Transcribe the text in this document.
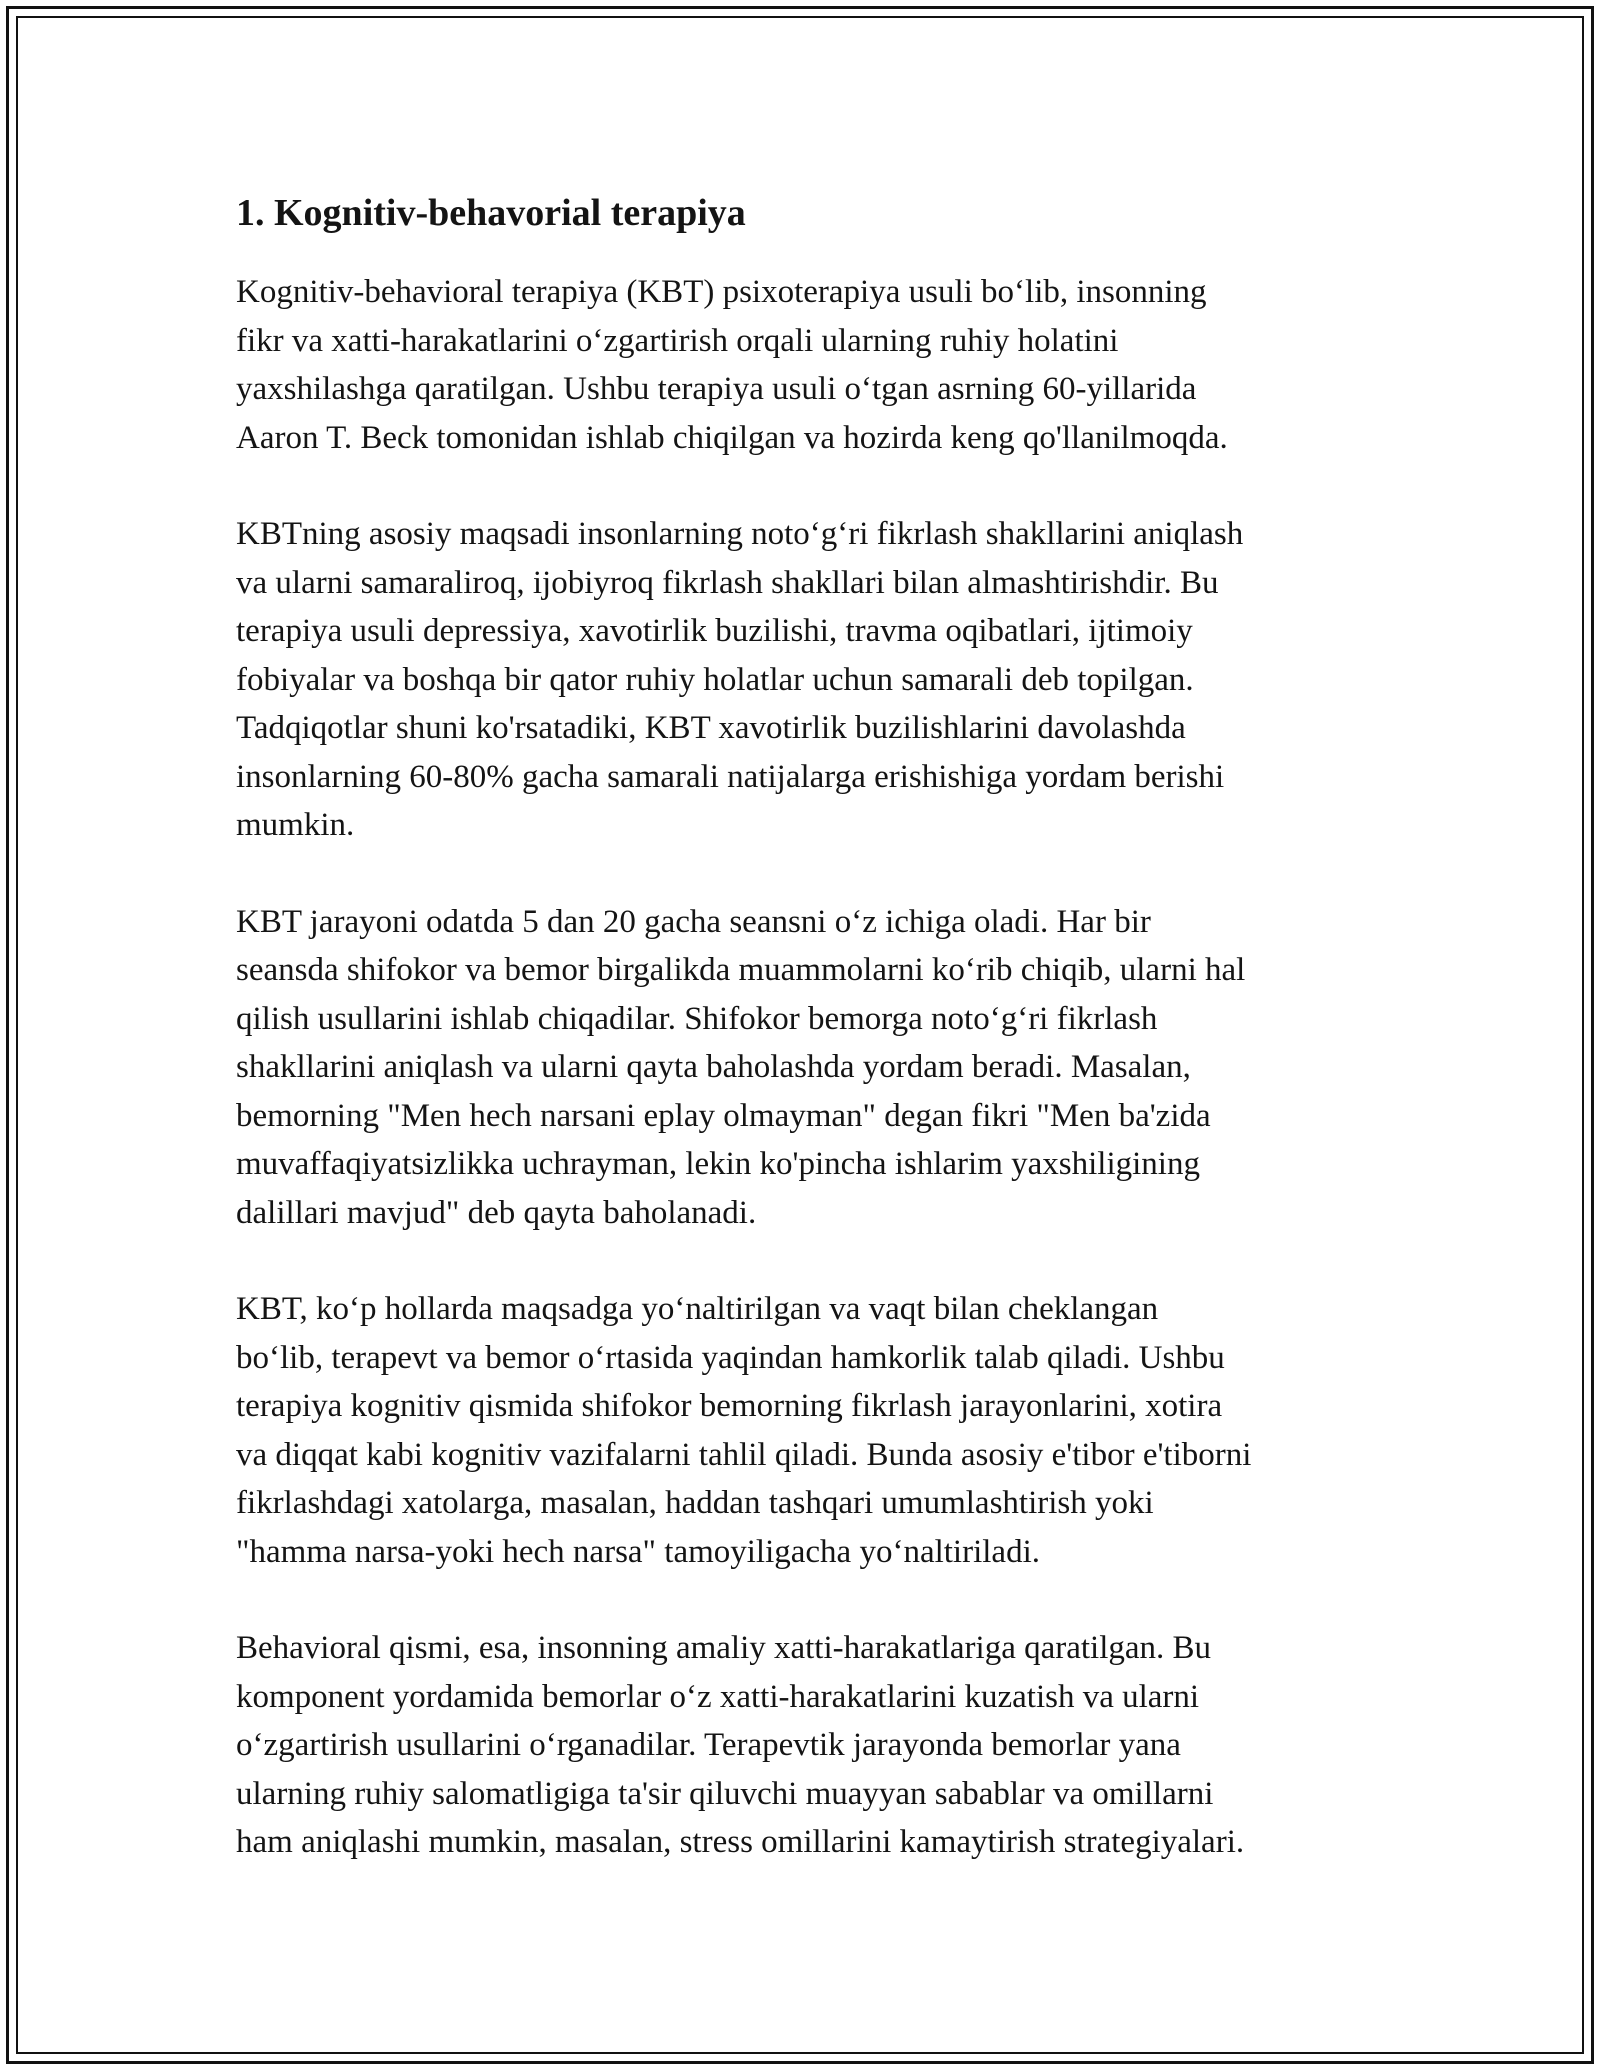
1. Kognitiv-behavorial terapiya

Kognitiv-behavioral terapiya (KBT) psixoterapiya usuli bo‘lib, insonning
fikr va xatti-harakatlarini o‘zgartirish orqali ularning ruhiy holatini
yaxshilashga qaratilgan. Ushbu terapiya usuli o‘tgan asrning 60-yillarida
Aaron T. Beck tomonidan ishlab chiqilgan va hozirda keng qo'llanilmoqda.

KBTning asosiy maqsadi insonlarning noto‘g‘ri fikrlash shakllarini aniqlash
va ularni samaraliroq, ijobiyroq fikrlash shakllari bilan almashtirishdir. Bu
terapiya usuli depressiya, xavotirlik buzilishi, travma oqibatlari, ijtimoiy
fobiyalar va boshqa bir qator ruhiy holatlar uchun samarali deb topilgan.
Tadqiqotlar shuni ko'rsatadiki, KBT xavotirlik buzilishlarini davolashda
insonlarning 60-80% gacha samarali natijalarga erishishiga yordam berishi
mumkin.

KBT jarayoni odatda 5 dan 20 gacha seansni o‘z ichiga oladi. Har bir
seansda shifokor va bemor birgalikda muammolarni ko‘rib chiqib, ularni hal
qilish usullarini ishlab chiqadilar. Shifokor bemorga noto‘g‘ri fikrlash
shakllarini aniqlash va ularni qayta baholashda yordam beradi. Masalan,
bemorning "Men hech narsani eplay olmayman" degan fikri "Men ba'zida
muvaffaqiyatsizlikka uchrayman, lekin ko'pincha ishlarim yaxshiligining
dalillari mavjud" deb qayta baholanadi.

KBT, ko‘p hollarda maqsadga yo‘naltirilgan va vaqt bilan cheklangan
bo‘lib, terapevt va bemor o‘rtasida yaqindan hamkorlik talab qiladi. Ushbu
terapiya kognitiv qismida shifokor bemorning fikrlash jarayonlarini, xotira
va diqqat kabi kognitiv vazifalarni tahlil qiladi. Bunda asosiy e'tibor e'tiborni
fikrlashdagi xatolarga, masalan, haddan tashqari umumlashtirish yoki
"hamma narsa-yoki hech narsa" tamoyiligacha yo‘naltiriladi.

Behavioral qismi, esa, insonning amaliy xatti-harakatlariga qaratilgan. Bu
komponent yordamida bemorlar o‘z xatti-harakatlarini kuzatish va ularni
o‘zgartirish usullarini o‘rganadilar. Terapevtik jarayonda bemorlar yana
ularning ruhiy salomatligiga ta'sir qiluvchi muayyan sabablar va omillarni
ham aniqlashi mumkin, masalan, stress omillarini kamaytirish strategiyalari.
